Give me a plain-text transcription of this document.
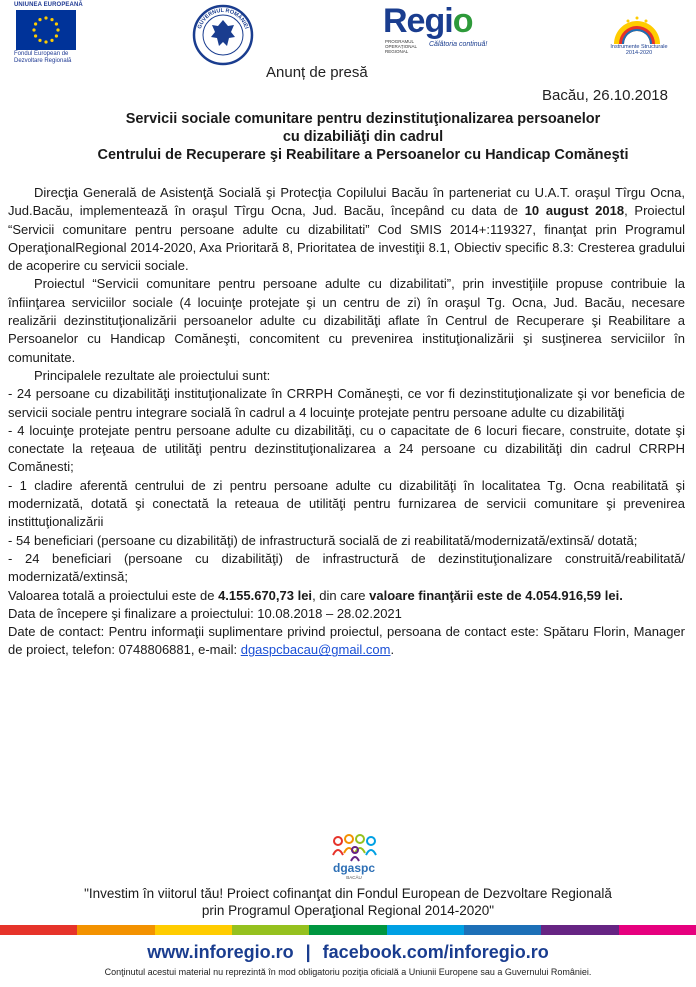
UNIUNEA EUROPEANĂ
Fondul European de
Dezvoltare Regională
GUVERNUL ROMÂNIEI	Regio
PROGRAMUL OPERAȚIONAL REGIONAL
Călătoria continuă!	Instrumente Structurale
2014-2020
Anunț de presă
Bacău, 26.10.2018
Servicii sociale comunitare pentru dezinstituţionalizarea persoanelor
cu dizabiliăţi din cadrul
Centrului de Recuperare şi Reabilitare a Persoanelor cu Handicap Comăneşti

Direcţia Generală de Asistenţă Socială şi Protecţia Copilului Bacău în parteneriat cu U.A.T. oraşul Tîrgu Ocna, Jud.Bacău, implementează în oraşul Tîrgu Ocna, Jud. Bacău, începând cu data de 10 august 2018, Proiectul “Servicii comunitare pentru persoane adulte cu dizabilitati” Cod SMIS 2014+:119327, finanţat prin Programul OperaţionalRegional 2014-2020, Axa Prioritară 8, Prioritatea de investiţii 8.1, Obiectiv specific 8.3: Cresterea gradului de acoperire cu servicii sociale.

Proiectul “Servicii comunitare pentru persoane adulte cu dizabilitati”, prin investiţiile propuse contribuie la înfiinţarea serviciilor sociale (4 locuinţe protejate şi un centru de zi) în oraşul Tg. Ocna, Jud. Bacău, necesare realizării dezinstituţionalizării persoanelor adulte cu dizabilităţi aflate în Centrul de Recuperare şi Reabilitare a Persoanelor cu Handicap Comăneşti, concomitent cu prevenirea instituţionalizării şi susţinerea serviciilor în comunitate.

Principalele rezultate ale proiectului sunt:

- 24 persoane cu dizabilităţi instituţionalizate în CRRPH Comăneşti, ce vor fi dezinstituţionalizate şi vor beneficia de servicii sociale pentru integrare socială în cadrul a 4 locuinţe protejate pentru persoane adulte cu dizabilităţi

- 4 locuinţe protejate pentru persoane adulte cu dizabilităţi, cu o capacitate de 6 locuri fiecare, construite, dotate şi conectate la reţeaua de utilităţi pentru dezinstituţionalizarea a 24 persoane cu dizabilităţi din cadrul CRRPH Comănesti;

- 1 cladire aferentă centrului de zi pentru persoane adulte cu dizabilităţi în localitatea Tg. Ocna reabilitată şi modernizată, dotată şi conectată la reteaua de utilităţi pentru furnizarea de servicii comunitare şi prevenirea instittuţionalizării

- 54 beneficiari (persoane cu dizabilităţi) de infrastructură socială de zi reabilitată/modernizată/extinsă/ dotată;

- 24 beneficiari (persoane cu dizabilităţi) de infrastructură de dezinstituţionalizare construită/reabilitată/ modernizată/extinsă;

Valoarea totală a proiectului este de 4.155.670,73 lei, din care valoare finanţării este de 4.054.916,59 lei.

Data de începere şi finalizare a proiectului: 10.08.2018 – 28.02.2021

Date de contact: Pentru informaţii suplimentare privind proiectul, persoana de contact este: Spătaru Florin, Manager de proiect, telefon: 0748806881, e-mail: dgaspcbacau@gmail.com.

dgaspc
BACĂU
"Investim în viitorul tău! Proiect cofinanţat din Fondul European de Dezvoltare Regională
prin Programul Operaţional Regional 2014-2020"
www.inforegio.ro | facebook.com/inforegio.ro
Conţinutul acestui material nu reprezintă în mod obligatoriu poziţia oficială a Uniunii Europene sau a Guvernului României.
